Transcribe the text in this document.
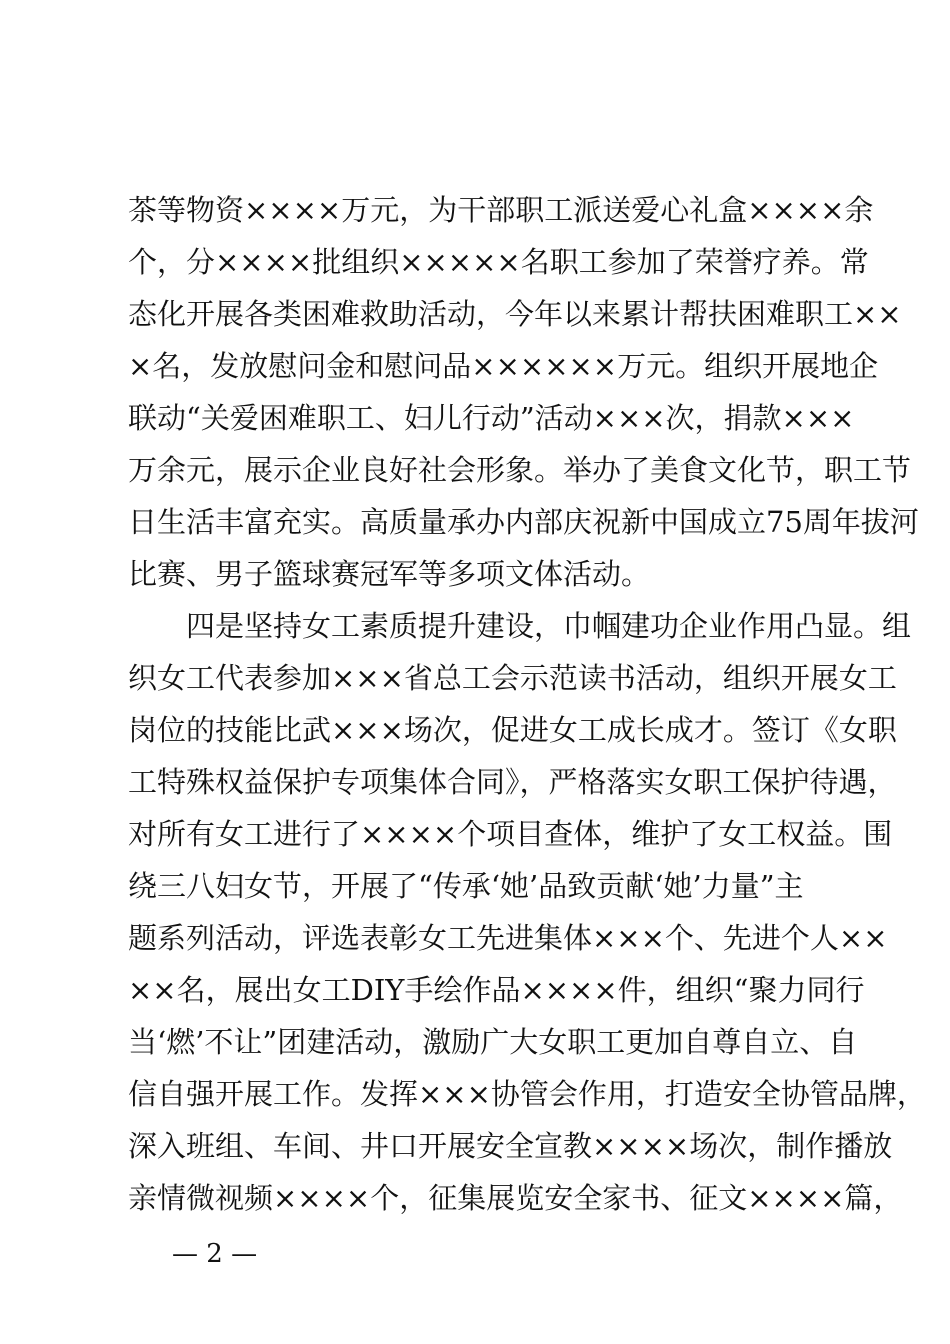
茶等物资××××万元，为干部职工派送爱心礼盒××××余
个，分××××批组织×××××名职工参加了荣誉疗养。常
态化开展各类困难救助活动，今年以来累计帮扶困难职工××
×名，发放慰问金和慰问品××××××万元。组织开展地企
联动“关爱困难职工、妇儿行动”活动×××次，捐款×××
万余元，展示企业良好社会形象。举办了美食文化节，职工节
日生活丰富充实。高质量承办内部庆祝新中国成立75周年拔河
比赛、男子篮球赛冠军等多项文体活动。
四是坚持女工素质提升建设，巾帼建功企业作用凸显。组
织女工代表参加×××省总工会示范读书活动，组织开展女工
岗位的技能比武×××场次，促进女工成长成才。签订《女职
工特殊权益保护专项集体合同》，严格落实女职工保护待遇，
对所有女工进行了××××个项目查体，维护了女工权益。围
绕三八妇女节，开展了“传承‘她’品致贡献‘她’力量”主
题系列活动，评选表彰女工先进集体×××个、先进个人××
××名，展出女工DIY手绘作品××××件，组织“聚力同行
当‘燃’不让”团建活动，激励广大女职工更加自尊自立、自
信自强开展工作。发挥×××协管会作用，打造安全协管品牌，
深入班组、车间、井口开展安全宣教××××场次，制作播放
亲情微视频××××个，征集展览安全家书、征文××××篇，
— 2 —
